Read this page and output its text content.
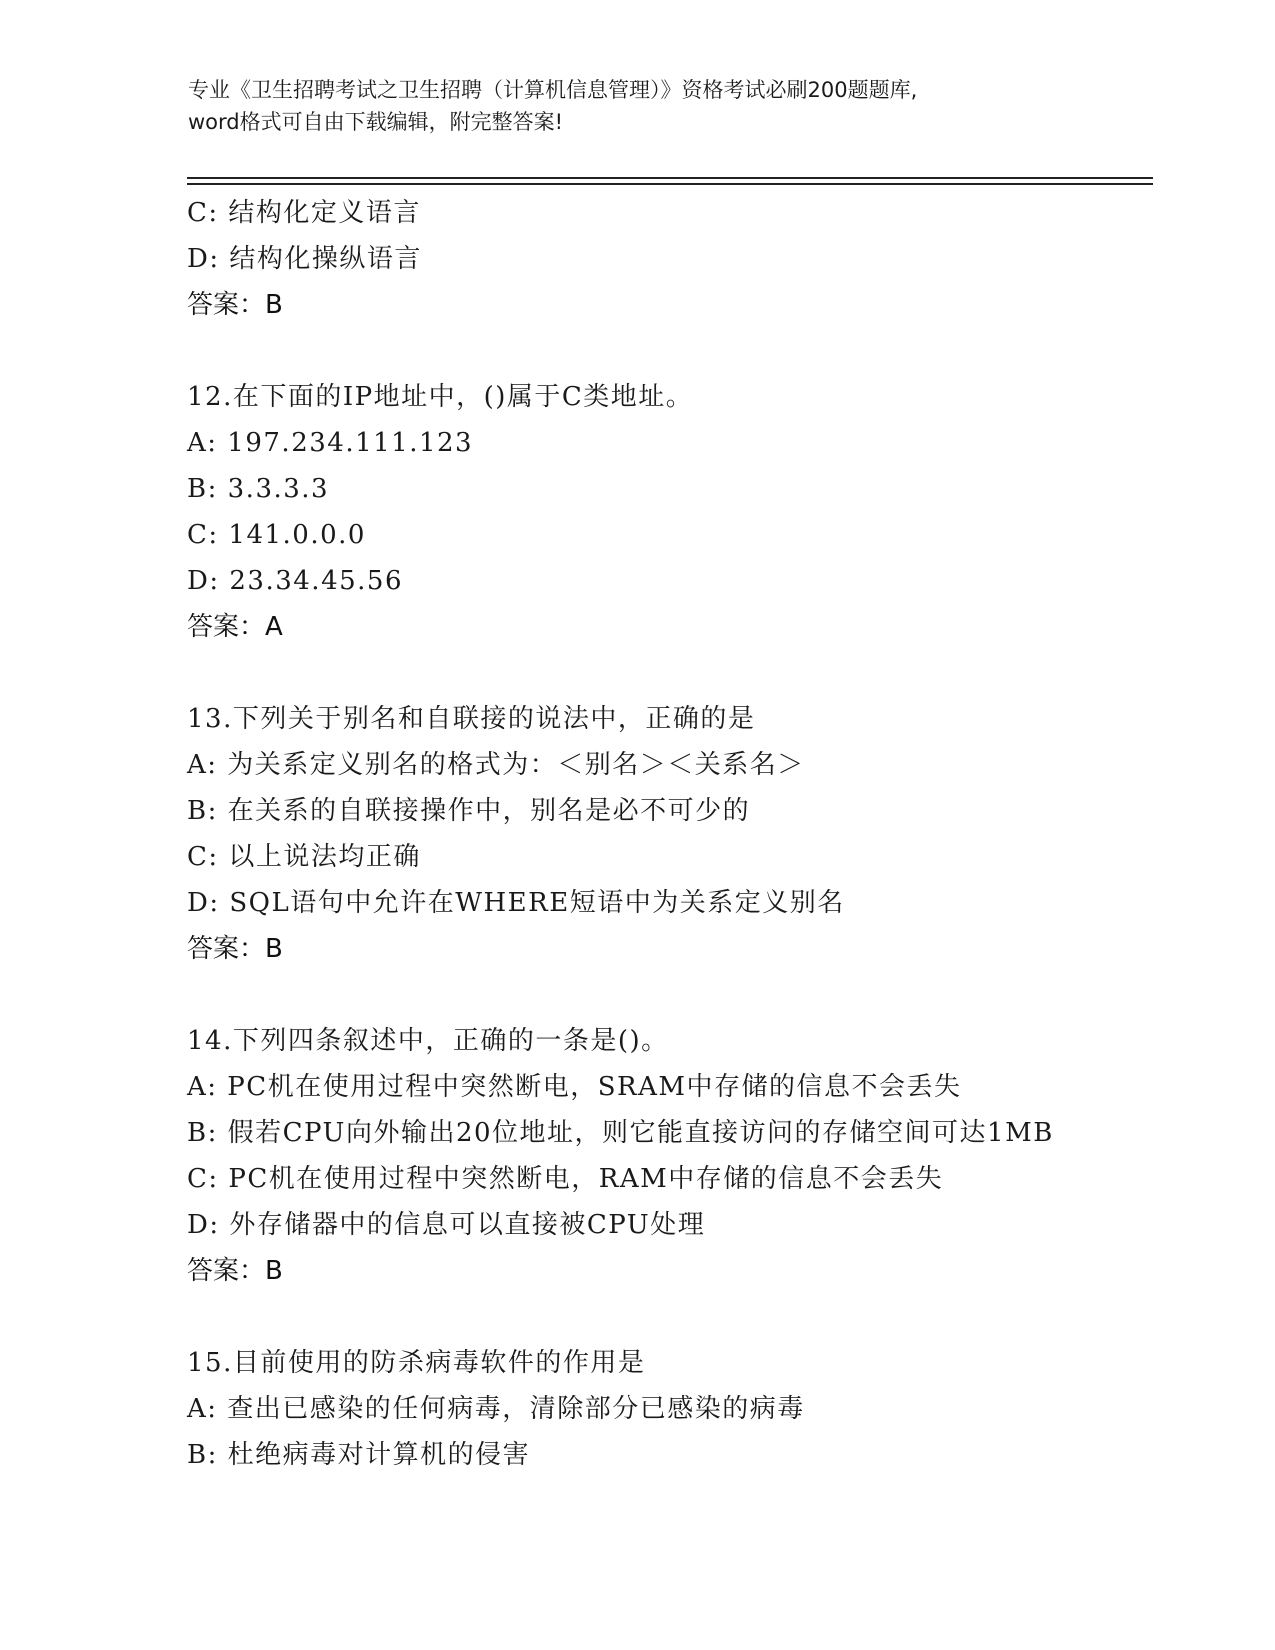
专业《卫生招聘考试之卫生招聘（计算机信息管理）》资格考试必刷200题题库,
word格式可自由下载编辑，附完整答案!
C: 结构化定义语言
D: 结构化操纵语言
答案：B
12.在下面的IP地址中，()属于C类地址。
A: 197.234.111.123
B: 3.3.3.3
C: 141.0.0.0
D: 23.34.45.56
答案：A
13.下列关于别名和自联接的说法中，正确的是
A: 为关系定义别名的格式为：＜别名＞＜关系名＞
B: 在关系的自联接操作中，别名是必不可少的
C: 以上说法均正确
D: SQL语句中允许在WHERE短语中为关系定义别名
答案：B
14.下列四条叙述中，正确的一条是()。
A: PC机在使用过程中突然断电，SRAM中存储的信息不会丢失
B: 假若CPU向外输出20位地址，则它能直接访问的存储空间可达1MB
C: PC机在使用过程中突然断电，RAM中存储的信息不会丢失
D: 外存储器中的信息可以直接被CPU处理
答案：B
15.目前使用的防杀病毒软件的作用是
A: 查出已感染的任何病毒，清除部分已感染的病毒
B: 杜绝病毒对计算机的侵害
